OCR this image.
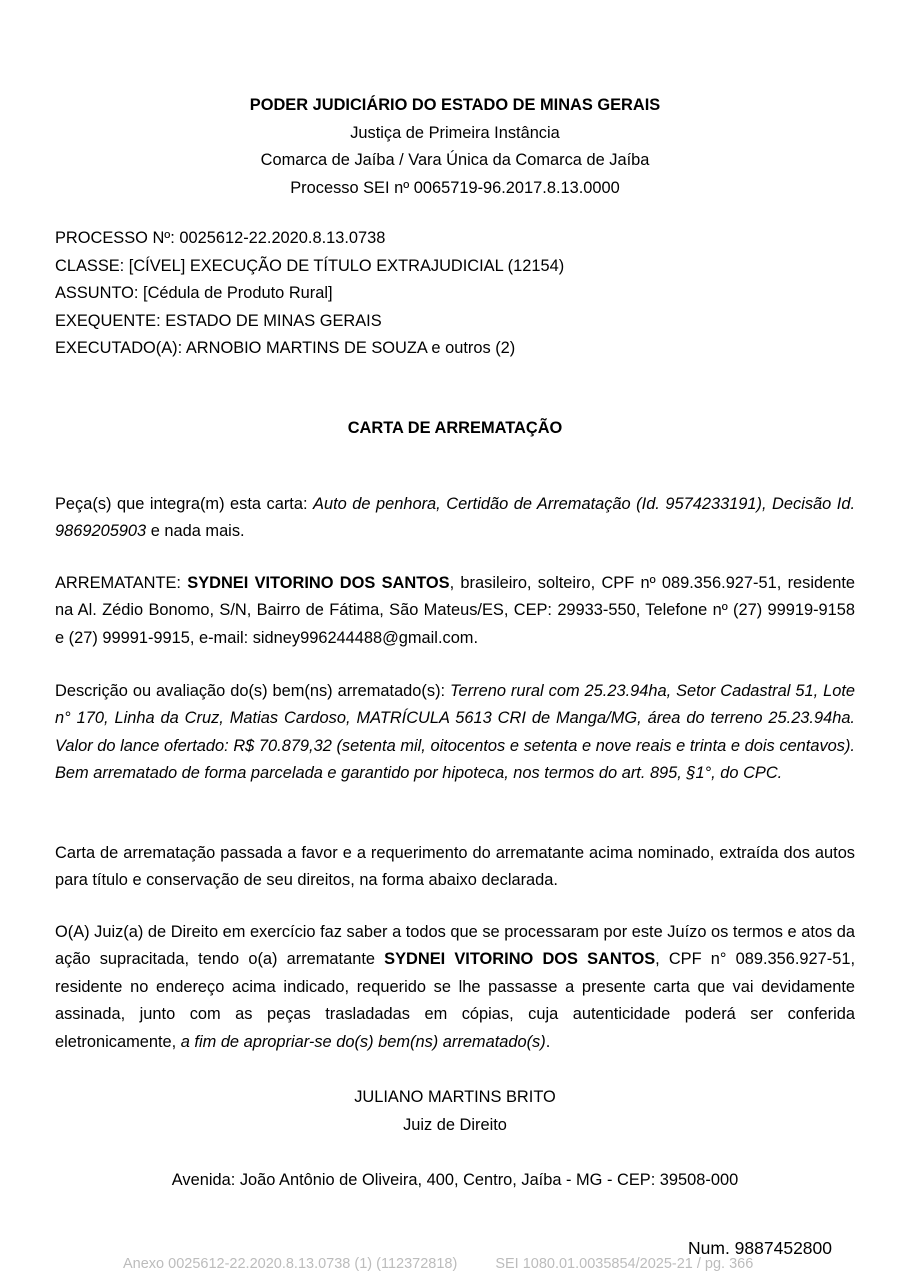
PODER JUDICIÁRIO DO ESTADO DE MINAS GERAIS
Justiça de Primeira Instância
Comarca de Jaíba / Vara Única da Comarca de Jaíba
Processo SEI nº 0065719-96.2017.8.13.0000
PROCESSO Nº: 0025612-22.2020.8.13.0738
CLASSE: [CÍVEL] EXECUÇÃO DE TÍTULO EXTRAJUDICIAL (12154)
ASSUNTO: [Cédula de Produto Rural]
EXEQUENTE: ESTADO DE MINAS GERAIS
EXECUTADO(A): ARNOBIO MARTINS DE SOUZA e outros (2)
CARTA DE ARREMATAÇÃO
Peça(s) que integra(m) esta carta: Auto de penhora, Certidão de Arrematação (Id. 9574233191), Decisão Id. 9869205903 e nada mais.
ARREMATANTE: SYDNEI VITORINO DOS SANTOS, brasileiro, solteiro, CPF nº 089.356.927-51, residente na Al. Zédio Bonomo, S/N, Bairro de Fátima, São Mateus/ES, CEP: 29933-550, Telefone nº (27) 99919-9158 e (27) 99991-9915, e-mail: sidney996244488@gmail.com.
Descrição ou avaliação do(s) bem(ns) arrematado(s): Terreno rural com 25.23.94ha, Setor Cadastral 51, Lote n° 170, Linha da Cruz, Matias Cardoso, MATRÍCULA 5613 CRI de Manga/MG, área do terreno 25.23.94ha. Valor do lance ofertado: R$ 70.879,32 (setenta mil, oitocentos e setenta e nove reais e trinta e dois centavos). Bem arrematado de forma parcelada e garantido por hipoteca, nos termos do art. 895, §1°, do CPC.
Carta de arrematação passada a favor e a requerimento do arrematante acima nominado, extraída dos autos para título e conservação de seu direitos, na forma abaixo declarada.
O(A) Juiz(a) de Direito em exercício faz saber a todos que se processaram por este Juízo os termos e atos da ação supracitada, tendo o(a) arrematante SYDNEI VITORINO DOS SANTOS, CPF n° 089.356.927-51, residente no endereço acima indicado, requerido se lhe passasse a presente carta que vai devidamente assinada, junto com as peças trasladadas em cópias, cuja autenticidade poderá ser conferida eletronicamente, a fim de apropriar-se do(s) bem(ns) arrematado(s).
JULIANO MARTINS BRITO
Juiz de Direito
Avenida: João Antônio de Oliveira, 400, Centro, Jaíba - MG - CEP: 39508-000
Num. 9887452800
Anexo 0025612-22.2020.8.13.0738 (1) (112372818)	SEI 1080.01.0035854/2025-21 / pg. 366
